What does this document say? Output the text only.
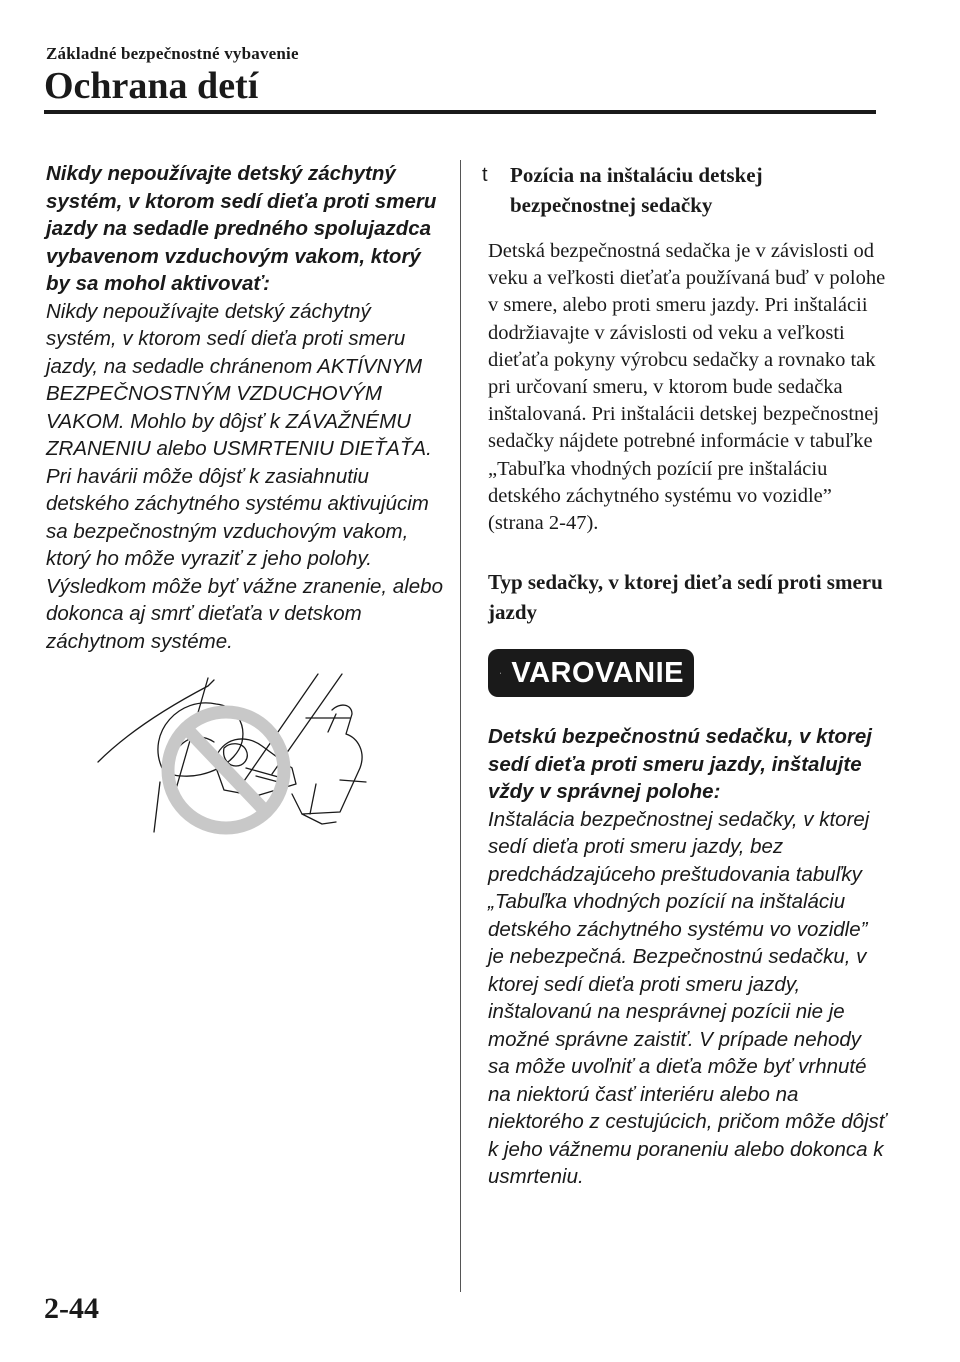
Základné bezpečnostné vybavenie
Ochrana detí

Nikdy nepoužívajte detský záchytný systém, v ktorom sedí dieťa proti smeru jazdy na sedadle predného spolujazdca vybavenom vzduchovým vakom, ktorý by sa mohol aktivovať:

Nikdy nepoužívajte detský záchytný systém, v ktorom sedí dieťa proti smeru jazdy, na sedadle chránenom AKTÍVNYM BEZPEČNOSTNÝM VZDUCHOVÝM VAKOM. Mohlo by dôjsť k ZÁVAŽNÉMU ZRANENIU alebo USMRTENIU DIEŤAŤA. Pri havárii môže dôjsť k zasiahnutiu detského záchytného systému aktivujúcim sa bezpečnostným vzduchovým vakom, ktorý ho môže vyraziť z jeho polohy. Výsledkom môže byť vážne zranenie, alebo dokonca aj smrť dieťaťa v detskom záchytnom systéme.

t	Pozícia na inštaláciu detskej bezpečnostnej sedačky

Detská bezpečnostná sedačka je v závislosti od veku a veľkosti dieťaťa používaná buď v polohe v smere, alebo proti smeru jazdy. Pri inštalácii dodržiavajte v závislosti od veku a veľkosti dieťaťa pokyny výrobcu sedačky a rovnako tak pri určovaní smeru, v ktorom bude sedačka inštalovaná. Pri inštalácii detskej bezpečnostnej sedačky nájdete potrebné informácie v tabuľke „Tabuľka vhodných pozícií pre inštaláciu detského záchytného systému vo vozidle” (strana 2-47).

Typ sedačky, v ktorej dieťa sedí proti smeru jazdy
VAROVANIE

Detskú bezpečnostnú sedačku, v ktorej sedí dieťa proti smeru jazdy, inštalujte vždy v správnej polohe:

Inštalácia bezpečnostnej sedačky, v ktorej sedí dieťa proti smeru jazdy, bez predchádzajúceho preštudovania tabuľky „Tabuľka vhodných pozícií na inštaláciu detského záchytného systému vo vozidle” je nebezpečná. Bezpečnostnú sedačku, v ktorej sedí dieťa proti smeru jazdy, inštalovanú na nesprávnej pozícii nie je možné správne zaistiť. V prípade nehody sa môže uvoľniť a dieťa môže byť vrhnuté na niektorú časť interiéru alebo na niektorého z cestujúcich, pričom môže dôjsť k jeho vážnemu poraneniu alebo dokonca k usmrteniu.

2-44
